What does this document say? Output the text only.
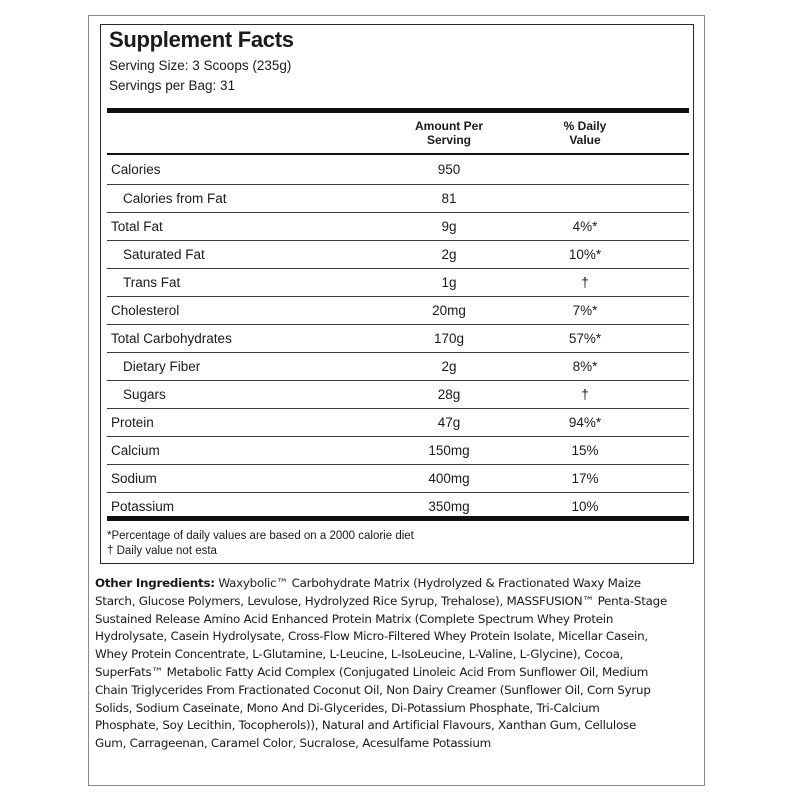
Supplement Facts
Serving Size: 3 Scoops (235g)
Servings per Bag: 31
Amount Per
Serving
% Daily
Value
Calories	950
Calories from Fat	81
Total Fat	9g	4%*
Saturated Fat	2g	10%*
Trans Fat	1g	†
Cholesterol	20mg	7%*
Total Carbohydrates	170g	57%*
Dietary Fiber	2g	8%*
Sugars	28g	†
Protein	47g	94%*
Calcium	150mg	15%
Sodium	400mg	17%
Potassium	350mg	10%
*Percentage of daily values are based on a 2000 calorie diet
† Daily value not esta
Other Ingredients: Waxybolic™ Carbohydrate Matrix (Hydrolyzed & Fractionated Waxy Maize
Starch, Glucose Polymers, Levulose, Hydrolyzed Rice Syrup, Trehalose), MASSFUSION™ Penta-Stage
Sustained Release Amino Acid Enhanced Protein Matrix (Complete Spectrum Whey Protein
Hydrolysate, Casein Hydrolysate, Cross-Flow Micro-Filtered Whey Protein Isolate, Micellar Casein,
Whey Protein Concentrate, L-Glutamine, L-Leucine, L-IsoLeucine, L-Valine, L-Glycine), Cocoa,
SuperFats™ Metabolic Fatty Acid Complex (Conjugated Linoleic Acid From Sunflower Oil, Medium
Chain Triglycerides From Fractionated Coconut Oil, Non Dairy Creamer (Sunflower Oil, Corn Syrup
Solids, Sodium Caseinate, Mono And Di-Glycerides, Di-Potassium Phosphate, Tri-Calcium
Phosphate, Soy Lecithin, Tocopherols)), Natural and Artificial Flavours, Xanthan Gum, Cellulose
Gum, Carrageenan, Caramel Color, Sucralose, Acesulfame Potassium
